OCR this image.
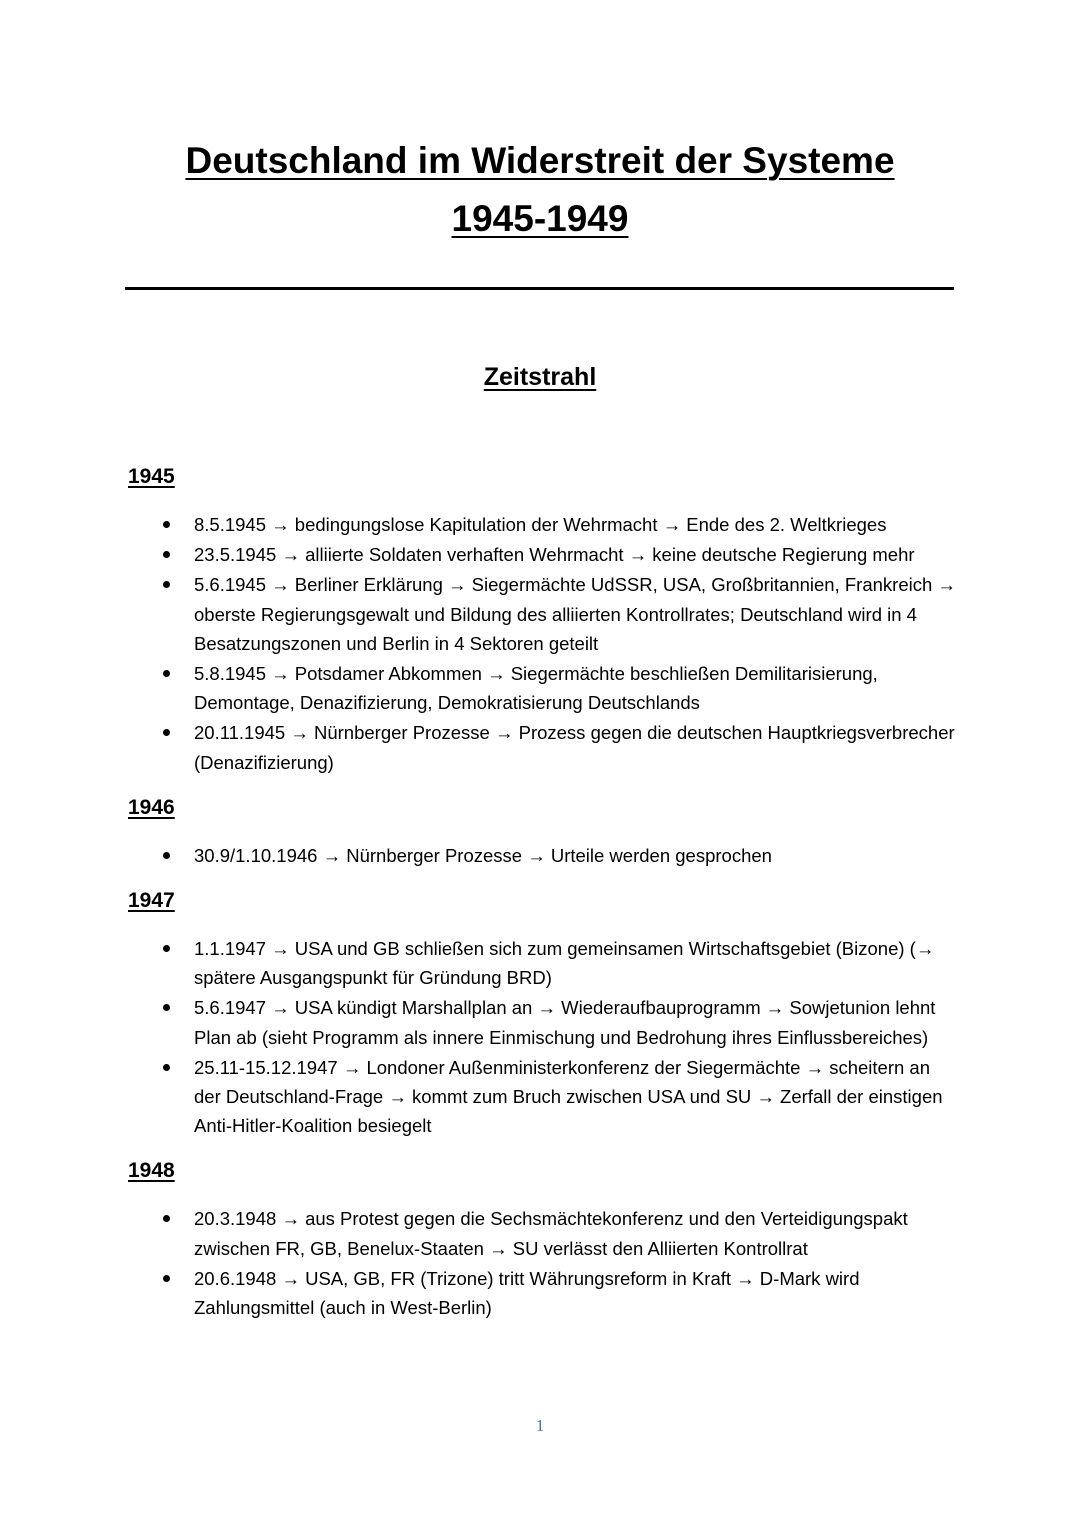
Deutschland im Widerstreit der Systeme
1945-1949
Zeitstrahl
1945
8.5.1945 → bedingungslose Kapitulation der Wehrmacht → Ende des 2. Weltkrieges
23.5.1945 → alliierte Soldaten verhaften Wehrmacht → keine deutsche Regierung mehr
5.6.1945 → Berliner Erklärung → Siegermächte UdSSR, USA, Großbritannien, Frankreich → oberste Regierungsgewalt und Bildung des alliierten Kontrollrates; Deutschland wird in 4 Besatzungszonen und Berlin in 4 Sektoren geteilt
5.8.1945 → Potsdamer Abkommen → Siegermächte beschließen Demilitarisierung, Demontage, Denazifizierung, Demokratisierung Deutschlands
20.11.1945 → Nürnberger Prozesse → Prozess gegen die deutschen Hauptkriegsverbrecher (Denazifizierung)
1946
30.9/1.10.1946 → Nürnberger Prozesse → Urteile werden gesprochen
1947
1.1.1947 → USA und GB schließen sich zum gemeinsamen Wirtschaftsgebiet (Bizone) (→ spätere Ausgangspunkt für Gründung BRD)
5.6.1947 → USA kündigt Marshallplan an → Wiederaufbauprogramm → Sowjetunion lehnt Plan ab (sieht Programm als innere Einmischung und Bedrohung ihres Einflussbereiches)
25.11-15.12.1947 → Londoner Außenministerkonferenz der Siegermächte → scheitern an der Deutschland-Frage → kommt zum Bruch zwischen USA und SU → Zerfall der einstigen Anti-Hitler-Koalition besiegelt
1948
20.3.1948 → aus Protest gegen die Sechsmächtekonferenz und den Verteidigungspakt zwischen FR, GB, Benelux-Staaten → SU verlässt den Alliierten Kontrollrat
20.6.1948 → USA, GB, FR (Trizone) tritt Währungsreform in Kraft → D-Mark wird Zahlungsmittel (auch in West-Berlin)
1
